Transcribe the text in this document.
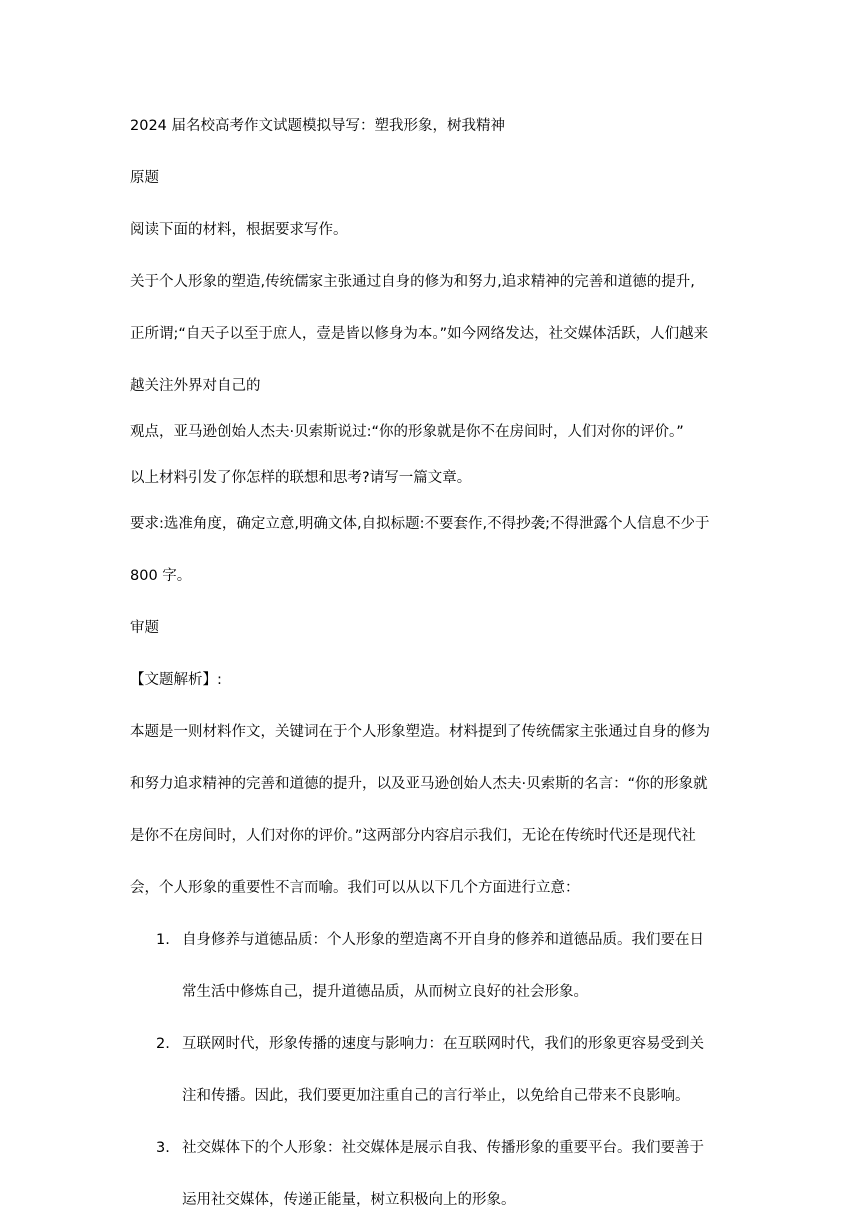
2024 届名校高考作文试题模拟导写：塑我形象，树我精神

原题

阅读下面的材料，根据要求写作。

关于个人形象的塑造,传统儒家主张通过自身的修为和努力,追求精神的完善和道德的提升,

正所谓;“自天子以至于庶人，壹是皆以修身为本。”如今网络发达，社交媒体活跃，人们越来

越关注外界对自己的

观点，亚马逊创始人杰夫·贝索斯说过:“你的形象就是你不在房间时，人们对你的评价。”

以上材料引发了你怎样的联想和思考?请写一篇文章。

要求:选准角度，确定立意,明确文体,自拟标题:不要套作,不得抄袭;不得泄露个人信息不少于

800 字。

审题

【文题解析】:

本题是一则材料作文，关键词在于个人形象塑造。材料提到了传统儒家主张通过自身的修为

和努力追求精神的完善和道德的提升，以及亚马逊创始人杰夫·贝索斯的名言：“你的形象就

是你不在房间时，人们对你的评价。”这两部分内容启示我们，无论在传统时代还是现代社

会，个人形象的重要性不言而喻。我们可以从以下几个方面进行立意：

1. 自身修养与道德品质：个人形象的塑造离不开自身的修养和道德品质。我们要在日

常生活中修炼自己，提升道德品质，从而树立良好的社会形象。

2. 互联网时代，形象传播的速度与影响力：在互联网时代，我们的形象更容易受到关

注和传播。因此，我们要更加注重自己的言行举止，以免给自己带来不良影响。

3. 社交媒体下的个人形象：社交媒体是展示自我、传播形象的重要平台。我们要善于

运用社交媒体，传递正能量，树立积极向上的形象。
